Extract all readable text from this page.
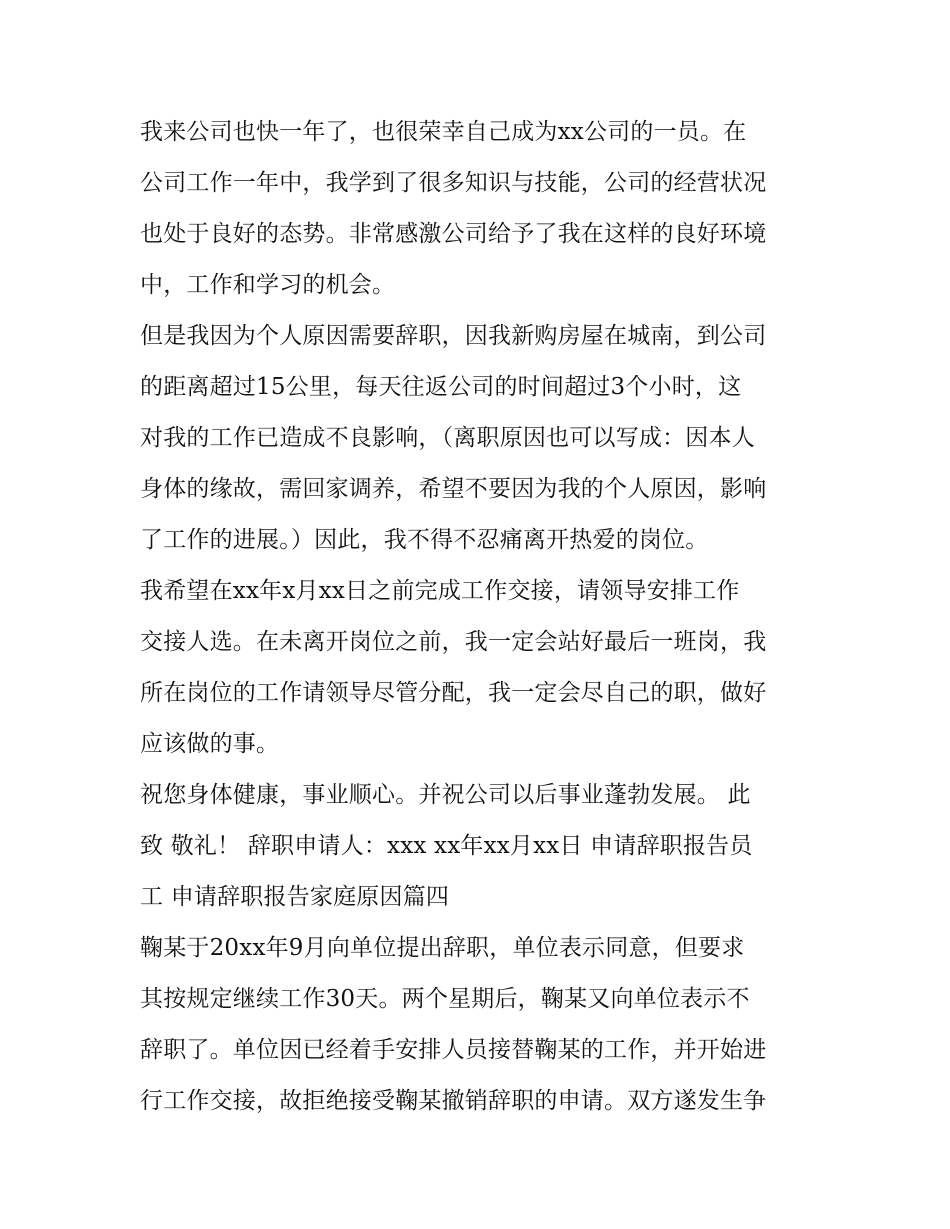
我来公司也快一年了，也很荣幸自己成为xx公司的一员。在
公司工作一年中，我学到了很多知识与技能，公司的经营状况
也处于良好的态势。非常感激公司给予了我在这样的良好环境
中，工作和学习的机会。
但是我因为个人原因需要辞职，因我新购房屋在城南，到公司
的距离超过15公里，每天往返公司的时间超过3个小时，这
对我的工作已造成不良影响，（离职原因也可以写成：因本人
身体的缘故，需回家调养，希望不要因为我的个人原因，影响
了工作的进展。）因此，我不得不忍痛离开热爱的岗位。
我希望在xx年x月xx日之前完成工作交接，请领导安排工作
交接人选。在未离开岗位之前，我一定会站好最后一班岗，我
所在岗位的工作请领导尽管分配，我一定会尽自己的职，做好
应该做的事。
祝您身体健康，事业顺心。并祝公司以后事业蓬勃发展。 此
致 敬礼！ 辞职申请人：xxx xx年xx月xx日 申请辞职报告员
工 申请辞职报告家庭原因篇四
鞠某于20xx年9月向单位提出辞职，单位表示同意，但要求
其按规定继续工作30天。两个星期后，鞠某又向单位表示不
辞职了。单位因已经着手安排人员接替鞠某的工作，并开始进
行工作交接，故拒绝接受鞠某撤销辞职的申请。双方遂发生争
